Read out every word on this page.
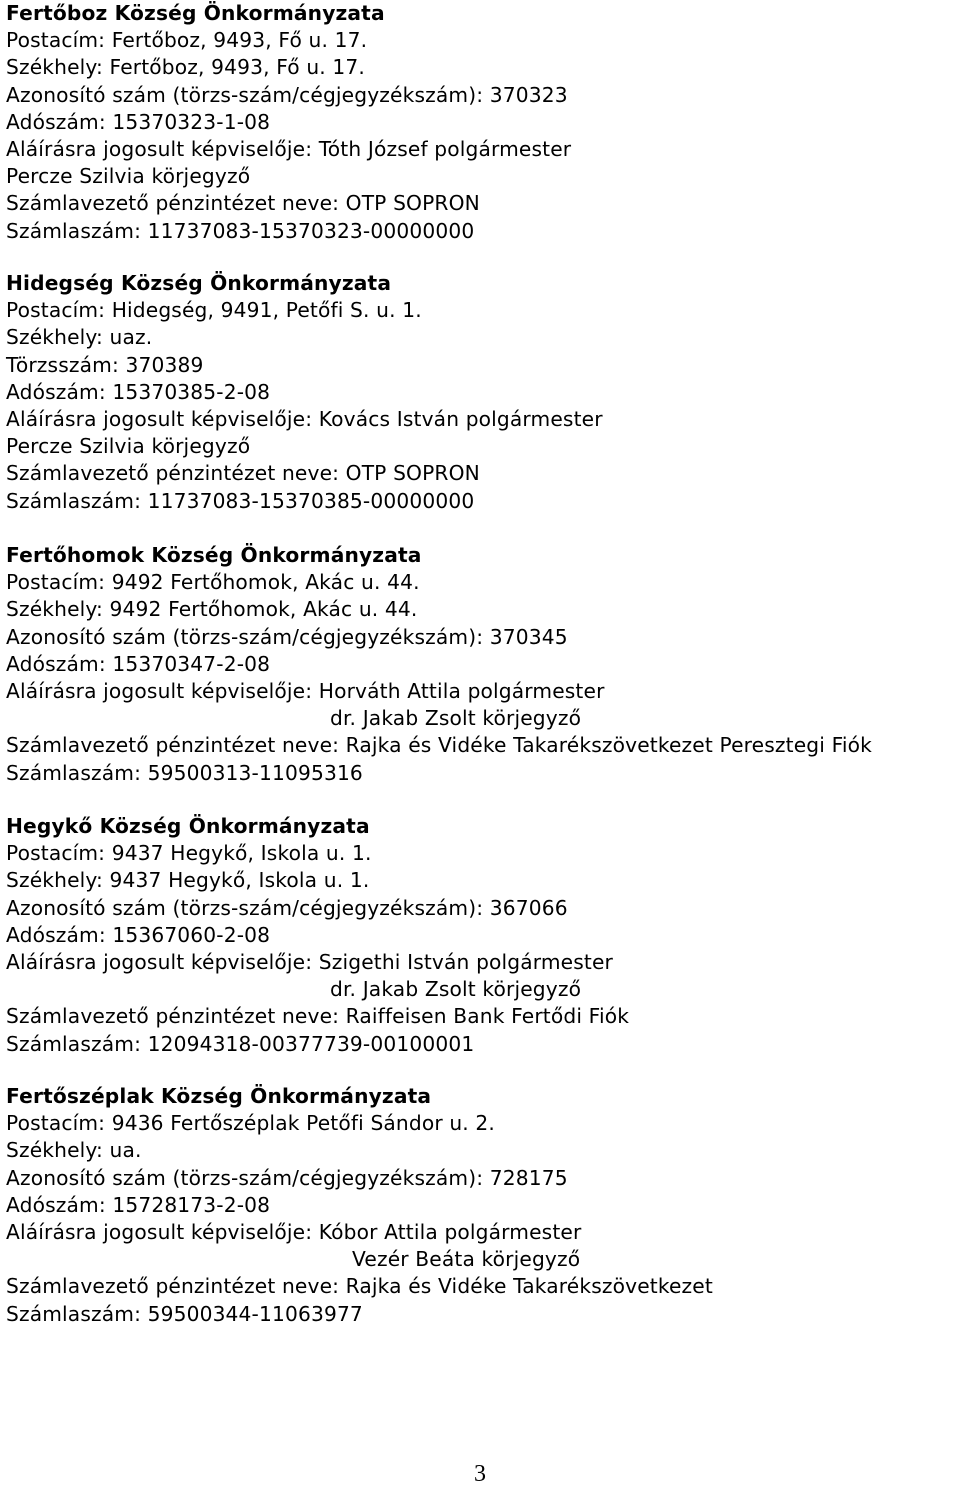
Fertőboz Község Önkormányzata
Postacím: Fertőboz, 9493, Fő u. 17.
Székhely: Fertőboz, 9493, Fő u. 17.
Azonosító szám (törzs-szám/cégjegyzékszám): 370323
Adószám: 15370323-1-08
Aláírásra jogosult képviselője: Tóth József polgármester
Percze Szilvia körjegyző
Számlavezető pénzintézet neve: OTP SOPRON
Számlaszám: 11737083-15370323-00000000
Hidegség Község Önkormányzata
Postacím: Hidegség, 9491, Petőfi S. u. 1.
Székhely: uaz.
Törzsszám: 370389
Adószám: 15370385-2-08
Aláírásra jogosult képviselője: Kovács István polgármester
Percze Szilvia körjegyző
Számlavezető pénzintézet neve: OTP SOPRON
Számlaszám: 11737083-15370385-00000000
Fertőhomok Község Önkormányzata
Postacím: 9492 Fertőhomok, Akác u. 44.
Székhely: 9492 Fertőhomok, Akác u. 44.
Azonosító szám (törzs-szám/cégjegyzékszám): 370345
Adószám: 15370347-2-08
Aláírásra jogosult képviselője: Horváth Attila polgármester
dr. Jakab Zsolt körjegyző
Számlavezető pénzintézet neve: Rajka és Vidéke Takarékszövetkezet Peresztegi Fiók
Számlaszám: 59500313-11095316
Hegykő Község Önkormányzata
Postacím: 9437 Hegykő, Iskola u. 1.
Székhely: 9437 Hegykő, Iskola u. 1.
Azonosító szám (törzs-szám/cégjegyzékszám): 367066
Adószám: 15367060-2-08
Aláírásra jogosult képviselője: Szigethi István polgármester
dr. Jakab Zsolt körjegyző
Számlavezető pénzintézet neve: Raiffeisen Bank Fertődi Fiók
Számlaszám: 12094318-00377739-00100001
Fertőszéplak Község Önkormányzata
Postacím: 9436 Fertőszéplak Petőfi Sándor u. 2.
Székhely: ua.
Azonosító szám (törzs-szám/cégjegyzékszám): 728175
Adószám: 15728173-2-08
Aláírásra jogosult képviselője: Kóbor Attila polgármester
Vezér Beáta körjegyző
Számlavezető pénzintézet neve: Rajka és Vidéke Takarékszövetkezet
Számlaszám: 59500344-11063977
3
